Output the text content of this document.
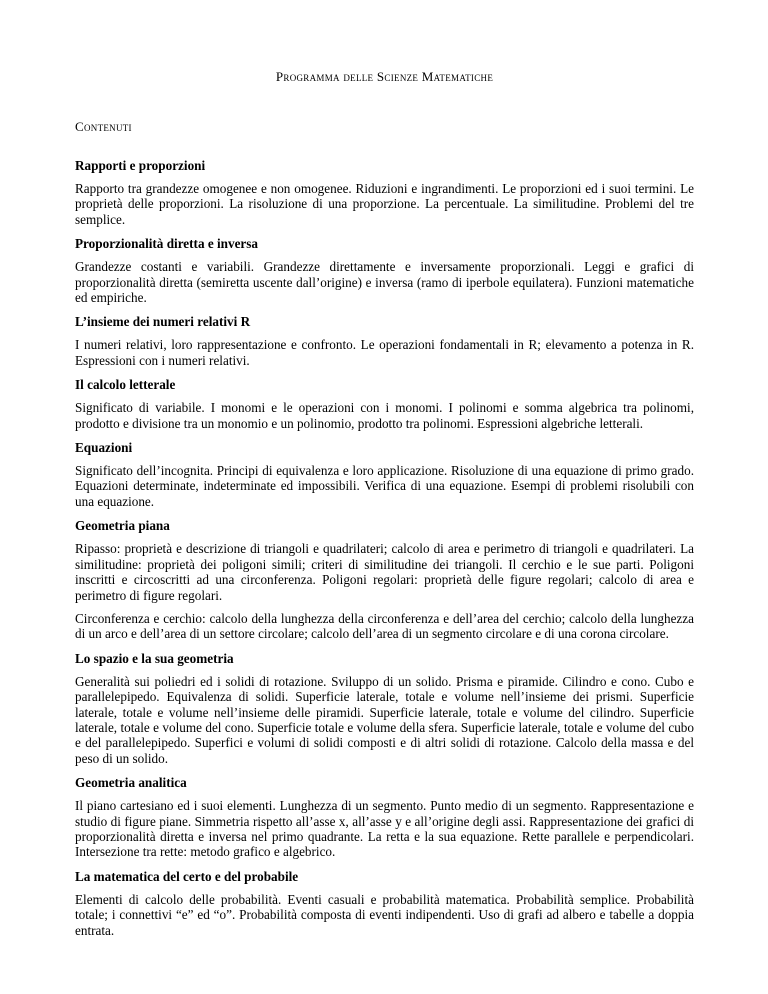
Programma delle Scienze Matematiche
Contenuti
Rapporti e proporzioni
Rapporto tra grandezze omogenee e non omogenee. Riduzioni e ingrandimenti. Le proporzioni ed i suoi termini. Le proprietà delle proporzioni. La risoluzione di una proporzione. La percentuale. La similitudine. Problemi del tre semplice.
Proporzionalità diretta e inversa
Grandezze costanti e variabili. Grandezze direttamente e inversamente proporzionali. Leggi e grafici di proporzionalità diretta (semiretta uscente dall’origine) e inversa (ramo di iperbole equilatera). Funzioni matematiche ed empiriche.
L’insieme dei numeri relativi R
I numeri relativi, loro rappresentazione e confronto. Le operazioni fondamentali in R; elevamento a potenza in R. Espressioni con i numeri relativi.
Il calcolo letterale
Significato di variabile. I monomi e le operazioni con i monomi. I polinomi e somma algebrica tra polinomi, prodotto e divisione tra un monomio e un polinomio, prodotto tra polinomi. Espressioni algebriche letterali.
Equazioni
Significato dell’incognita. Principi di equivalenza e loro applicazione. Risoluzione di una equazione di primo grado. Equazioni determinate, indeterminate ed impossibili. Verifica di una equazione. Esempi di problemi risolubili con una equazione.
Geometria piana
Ripasso: proprietà e descrizione di triangoli e quadrilateri; calcolo di area e perimetro di triangoli e quadrilateri. La similitudine: proprietà dei poligoni simili; criteri di similitudine dei triangoli. Il cerchio e le sue parti. Poligoni inscritti e circoscritti ad una circonferenza. Poligoni regolari: proprietà delle figure regolari; calcolo di area e perimetro di figure regolari.
Circonferenza e cerchio: calcolo della lunghezza della circonferenza e dell’area del cerchio; calcolo della lunghezza di un arco e dell’area di un settore circolare; calcolo dell’area di un segmento circolare e di una corona circolare.
Lo spazio e la sua geometria
Generalità sui poliedri ed i solidi di rotazione. Sviluppo di un solido. Prisma e piramide. Cilindro e cono. Cubo e parallelepipedo. Equivalenza di solidi. Superficie laterale, totale e volume nell’insieme dei prismi. Superficie laterale, totale e volume nell’insieme delle piramidi. Superficie laterale, totale e volume del cilindro. Superficie laterale, totale e volume del cono. Superficie totale e volume della sfera. Superficie laterale, totale e volume del cubo e del parallelepipedo. Superfici e volumi di solidi composti e di altri solidi di rotazione. Calcolo della massa e del peso di un solido.
Geometria analitica
Il piano cartesiano ed i suoi elementi. Lunghezza di un segmento. Punto medio di un segmento. Rappresentazione e studio di figure piane. Simmetria rispetto all’asse x, all’asse y e all’origine degli assi. Rappresentazione dei grafici di proporzionalità diretta e inversa nel primo quadrante. La retta e la sua equazione. Rette parallele e perpendicolari. Intersezione tra rette: metodo grafico e algebrico.
La matematica del certo e del probabile
Elementi di calcolo delle probabilità. Eventi casuali e probabilità matematica. Probabilità semplice. Probabilità totale; i connettivi “e” ed “o”. Probabilità composta di eventi indipendenti. Uso di grafi ad albero e tabelle a doppia entrata.
